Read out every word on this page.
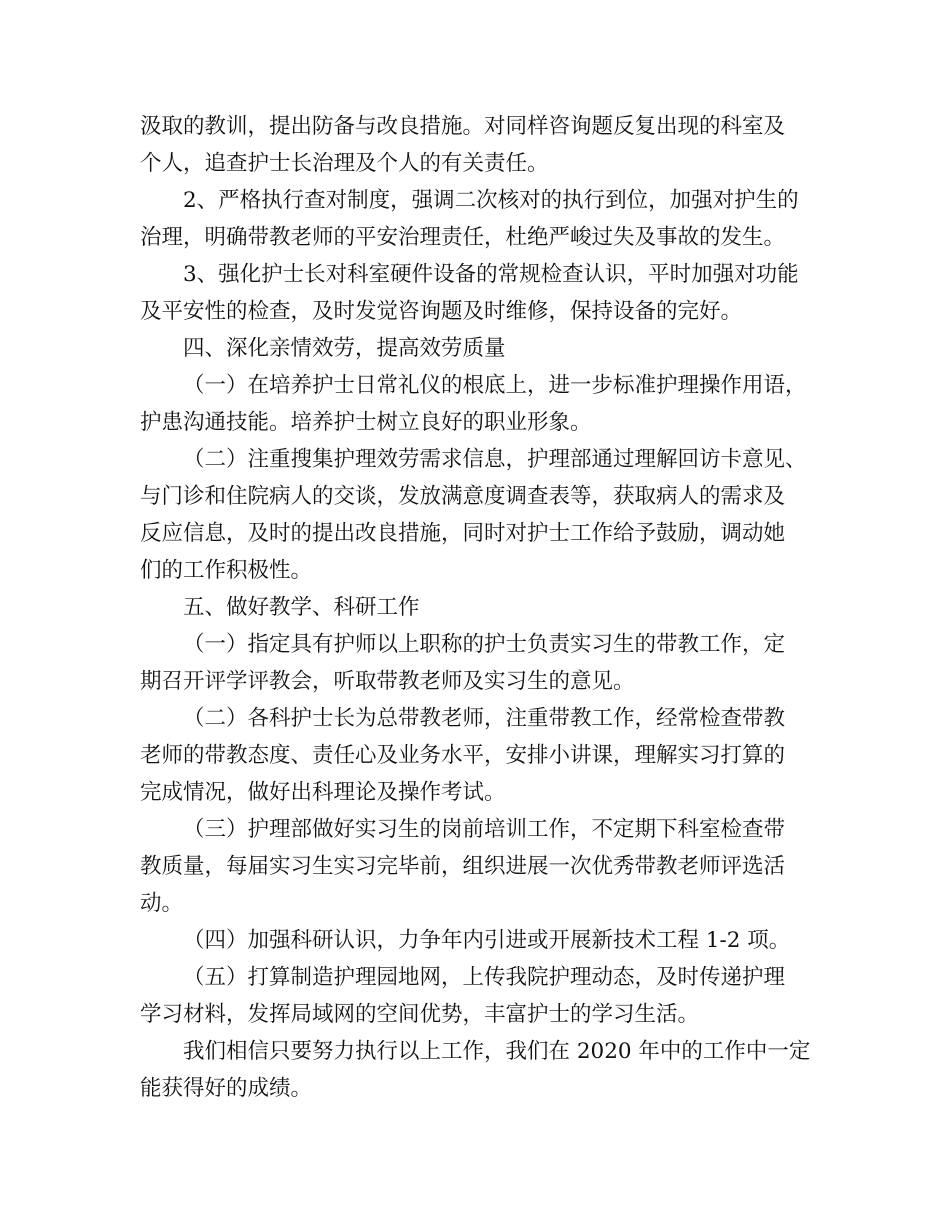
汲取的教训，提出防备与改良措施。对同样咨询题反复出现的科室及
个人，追查护士长治理及个人的有关责任。
2、严格执行查对制度，强调二次核对的执行到位，加强对护生的
治理，明确带教老师的平安治理责任，杜绝严峻过失及事故的发生。
3、强化护士长对科室硬件设备的常规检查认识，平时加强对功能
及平安性的检查，及时发觉咨询题及时维修，保持设备的完好。
四、深化亲情效劳，提高效劳质量
（一）在培养护士日常礼仪的根底上，进一步标准护理操作用语，
护患沟通技能。培养护士树立良好的职业形象。
（二）注重搜集护理效劳需求信息，护理部通过理解回访卡意见、
与门诊和住院病人的交谈，发放满意度调查表等，获取病人的需求及
反应信息，及时的提出改良措施，同时对护士工作给予鼓励，调动她
们的工作积极性。
五、做好教学、科研工作
（一）指定具有护师以上职称的护士负责实习生的带教工作，定
期召开评学评教会，听取带教老师及实习生的意见。
（二）各科护士长为总带教老师，注重带教工作，经常检查带教
老师的带教态度、责任心及业务水平，安排小讲课，理解实习打算的
完成情况，做好出科理论及操作考试。
（三）护理部做好实习生的岗前培训工作，不定期下科室检查带
教质量，每届实习生实习完毕前，组织进展一次优秀带教老师评选活
动。
（四）加强科研认识，力争年内引进或开展新技术工程 1-2 项。
（五）打算制造护理园地网，上传我院护理动态，及时传递护理
学习材料，发挥局域网的空间优势，丰富护士的学习生活。
我们相信只要努力执行以上工作，我们在 2020 年中的工作中一定
能获得好的成绩。
